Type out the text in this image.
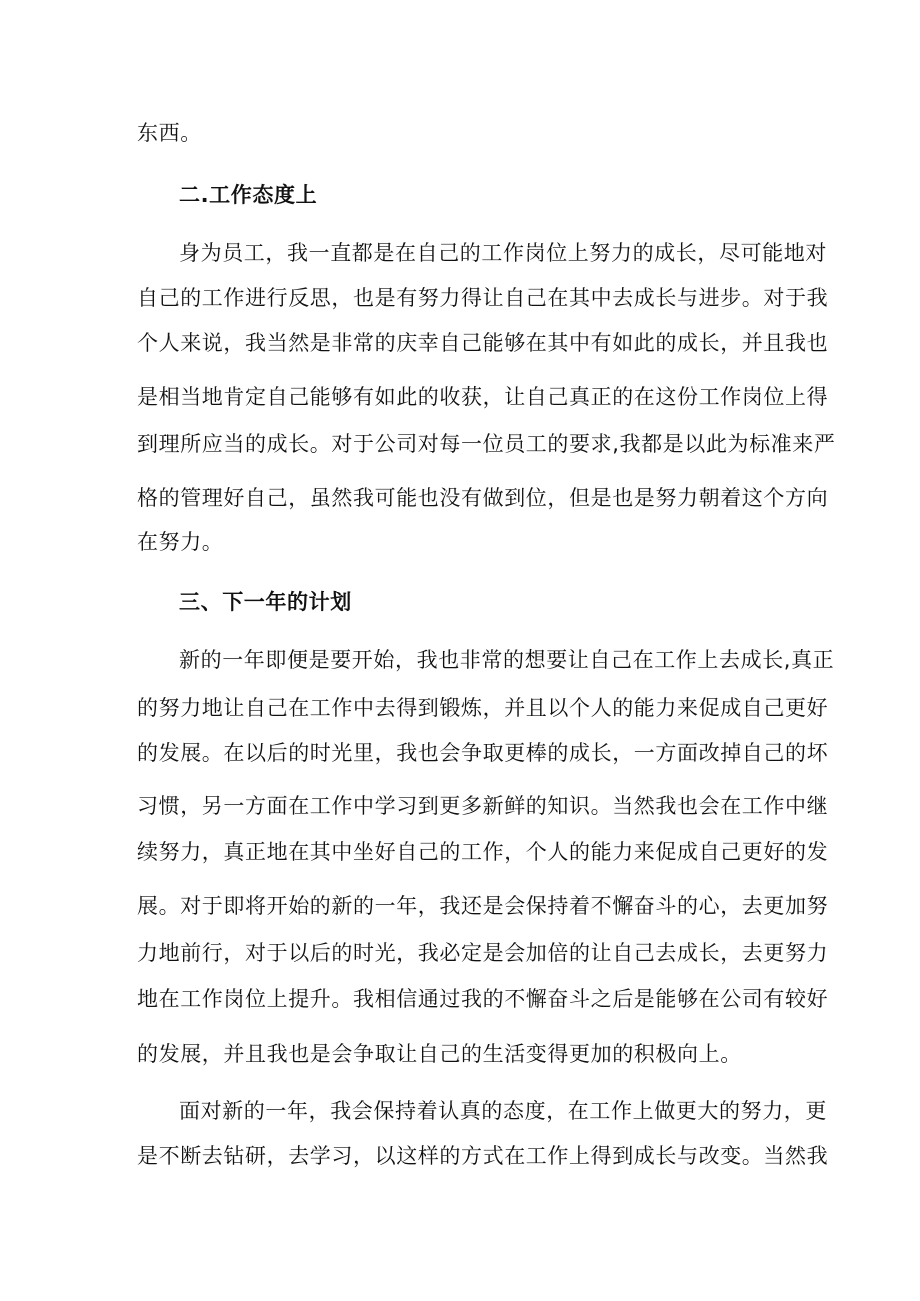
东西。
二.工作态度上
身为员工，我一直都是在自己的工作岗位上努力的成长，尽可能地对
自己的工作进行反思，也是有努力得让自己在其中去成长与进步。对于我
个人来说，我当然是非常的庆幸自己能够在其中有如此的成长，并且我也
是相当地肯定自己能够有如此的收获，让自己真正的在这份工作岗位上得
到理所应当的成长。对于公司对每一位员工的要求,我都是以此为标准来严
格的管理好自己，虽然我可能也没有做到位，但是也是努力朝着这个方向
在努力。
三、下一年的计划
新的一年即便是要开始，我也非常的想要让自己在工作上去成长,真正
的努力地让自己在工作中去得到锻炼，并且以个人的能力来促成自己更好
的发展。在以后的时光里，我也会争取更棒的成长，一方面改掉自己的坏
习惯，另一方面在工作中学习到更多新鲜的知识。当然我也会在工作中继
续努力，真正地在其中坐好自己的工作，个人的能力来促成自己更好的发
展。对于即将开始的新的一年，我还是会保持着不懈奋斗的心，去更加努
力地前行，对于以后的时光，我必定是会加倍的让自己去成长，去更努力
地在工作岗位上提升。我相信通过我的不懈奋斗之后是能够在公司有较好
的发展，并且我也是会争取让自己的生活变得更加的积极向上。
面对新的一年，我会保持着认真的态度，在工作上做更大的努力，更
是不断去钻研，去学习，以这样的方式在工作上得到成长与改变。当然我
